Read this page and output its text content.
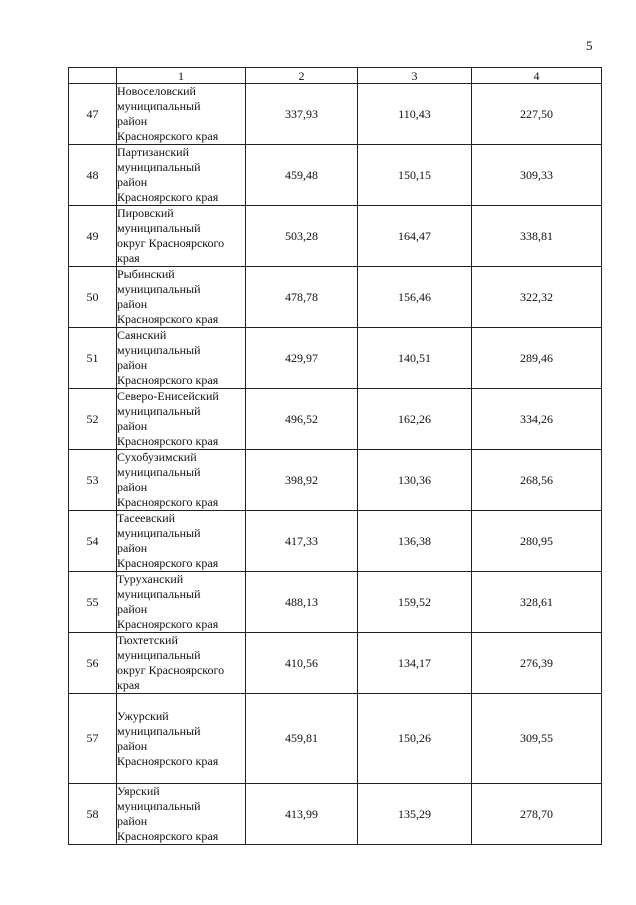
5
	1	2	3	4
47	Новоселовский
муниципальный
район
Красноярского края	337,93	110,43	227,50
48	Партизанский
муниципальный
район
Красноярского края	459,48	150,15	309,33
49	Пировский
муниципальный
округ Красноярского
края	503,28	164,47	338,81
50	Рыбинский
муниципальный
район
Красноярского края	478,78	156,46	322,32
51	Саянский
муниципальный
район
Красноярского края	429,97	140,51	289,46
52	Северо-Енисейский
муниципальный
район
Красноярского края	496,52	162,26	334,26
53	Сухобузимский
муниципальный
район
Красноярского края	398,92	130,36	268,56
54	Тасеевский
муниципальный
район
Красноярского края	417,33	136,38	280,95
55	Туруханский
муниципальный
район
Красноярского края	488,13	159,52	328,61
56	Тюхтетский
муниципальный
округ Красноярского
края	410,56	134,17	276,39
57	Ужурский
муниципальный
район
Красноярского края	459,81	150,26	309,55
58	Уярский
муниципальный
район
Красноярского края	413,99	135,29	278,70
